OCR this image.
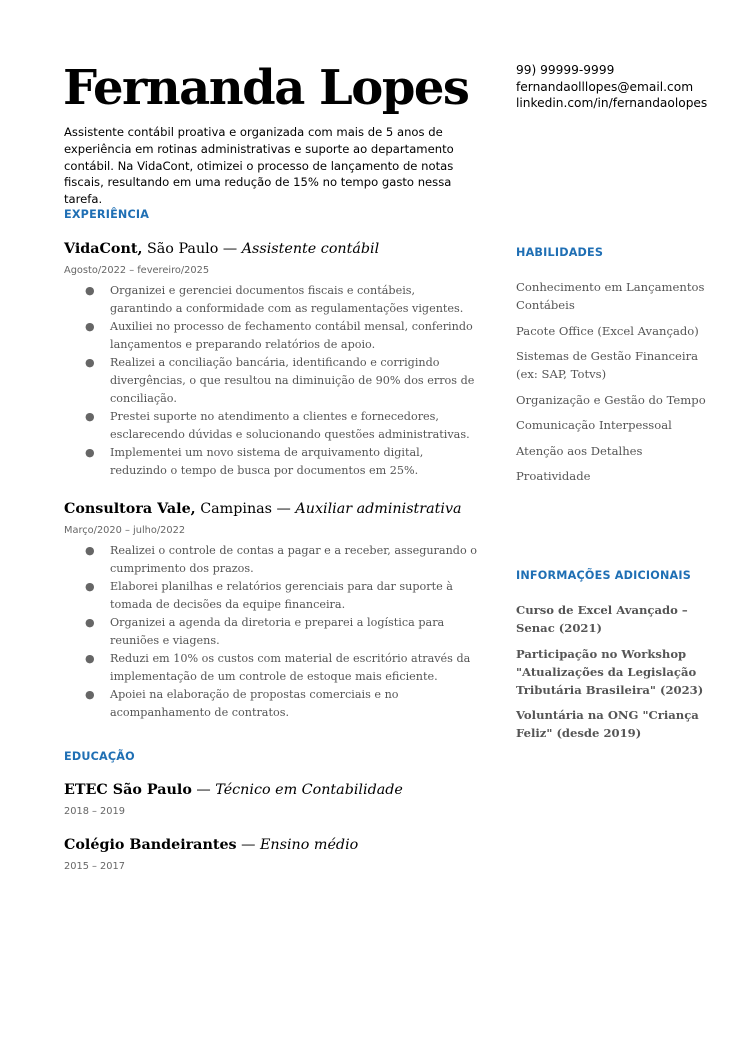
Fernanda Lopes	99) 99999-9999
fernandaolllopes@email.com
linkedin.com/in/fernandaolopes

Assistente contábil proativa e organizada com mais de 5 anos de experiência em rotinas administrativas e suporte ao departamento contábil. Na VidaCont, otimizei o processo de lançamento de notas fiscais, resultando em uma redução de 15% no tempo gasto nessa tarefa.

EXPERIÊNCIA
VidaCont, São Paulo — Assistente contábil
Agosto/2022 – fevereiro/2025
● Organizei e gerenciei documentos fiscais e contábeis, garantindo a conformidade com as regulamentações vigentes.
● Auxiliei no processo de fechamento contábil mensal, conferindo lançamentos e preparando relatórios de apoio.
● Realizei a conciliação bancária, identificando e corrigindo divergências, o que resultou na diminuição de 90% dos erros de conciliação.
● Prestei suporte no atendimento a clientes e fornecedores, esclarecendo dúvidas e solucionando questões administrativas.
● Implementei um novo sistema de arquivamento digital, reduzindo o tempo de busca por documentos em 25%.
Consultora Vale, Campinas — Auxiliar administrativa
Março/2020 – julho/2022
● Realizei o controle de contas a pagar e a receber, assegurando o cumprimento dos prazos.
● Elaborei planilhas e relatórios gerenciais para dar suporte à tomada de decisões da equipe financeira.
● Organizei a agenda da diretoria e preparei a logística para reuniões e viagens.
● Reduzi em 10% os custos com material de escritório através da implementação de um controle de estoque mais eficiente.
● Apoiei na elaboração de propostas comerciais e no acompanhamento de contratos.
EDUCAÇÃO
ETEC São Paulo — Técnico em Contabilidade
2018 – 2019
Colégio Bandeirantes — Ensino médio
2015 – 2017
HABILIDADES
Conhecimento em Lançamentos Contábeis
Pacote Office (Excel Avançado)
Sistemas de Gestão Financeira (ex: SAP, Totvs)
Organização e Gestão do Tempo
Comunicação Interpessoal
Atenção aos Detalhes
Proatividade
INFORMAÇÕES ADICIONAIS
Curso de Excel Avançado – Senac (2021)
Participação no Workshop "Atualizações da Legislação Tributária Brasileira" (2023)
Voluntária na ONG "Criança Feliz" (desde 2019)
